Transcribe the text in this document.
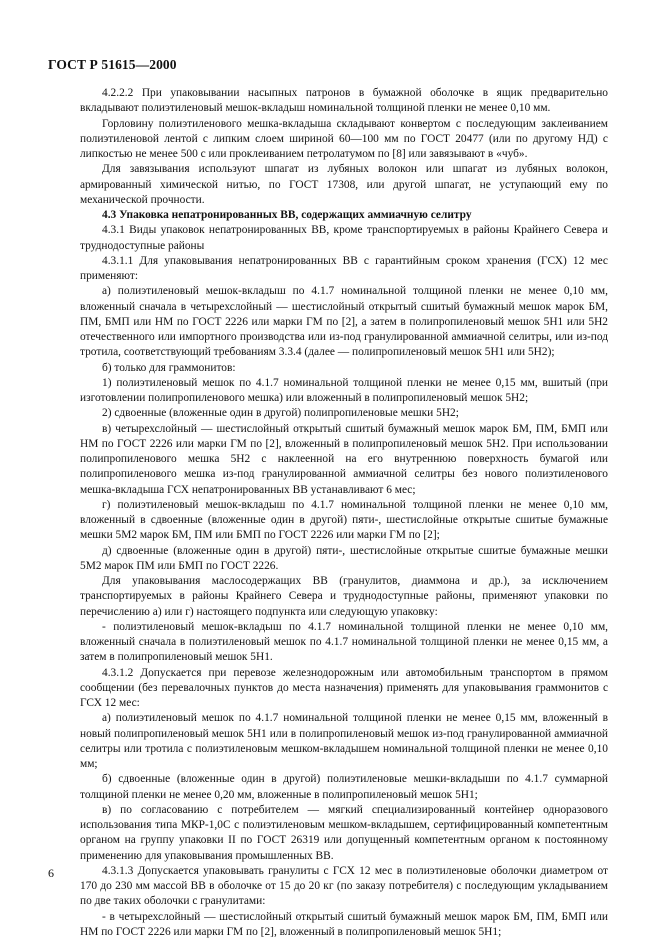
ГОСТ Р 51615—2000

4.2.2.2 При упаковывании насыпных патронов в бумажной оболочке в ящик предварительно вкладывают полиэтиленовый мешок-вкладыш номинальной толщиной пленки не менее 0,10 мм.

Горловину полиэтиленового мешка-вкладыша складывают конвертом с последующим заклеиванием полиэтиленовой лентой с липким слоем шириной 60—100 мм по ГОСТ 20477 (или по другому НД) с липкостью не менее 500 с или проклеиванием петролатумом по [8] или завязывают в «чуб».

Для завязывания используют шпагат из лубяных волокон или шпагат из лубяных волокон, армированный химической нитью, по ГОСТ 17308, или другой шпагат, не уступающий ему по механической прочности.

4.3 Упаковка непатронированных ВВ, содержащих аммиачную селитру

4.3.1 Виды упаковок непатронированных ВВ, кроме транспортируемых в районы Крайнего Севера и труднодоступные районы

4.3.1.1 Для упаковывания непатронированных ВВ с гарантийным сроком хранения (ГСХ) 12 мес применяют:

а) полиэтиленовый мешок-вкладыш по 4.1.7 номинальной толщиной пленки не менее 0,10 мм, вложенный сначала в четырехслойный — шестислойный открытый сшитый бумажный мешок марок БМ, ПМ, БМП или НМ по ГОСТ 2226 или марки ГМ по [2], а затем в полипропиленовый мешок 5Н1 или 5Н2 отечественного или импортного производства или из-под гранулированной аммиачной селитры, или из-под тротила, соответствующий требованиям 3.3.4 (далее — полипропиленовый мешок 5Н1 или 5Н2);

б) только для граммонитов:

1) полиэтиленовый мешок по 4.1.7 номинальной толщиной пленки не менее 0,15 мм, вшитый (при изготовлении полипропиленового мешка) или вложенный в полипропиленовый мешок 5Н2;

2) сдвоенные (вложенные один в другой) полипропиленовые мешки 5Н2;

в) четырехслойный — шестислойный открытый сшитый бумажный мешок марок БМ, ПМ, БМП или НМ по ГОСТ 2226 или марки ГМ по [2], вложенный в полипропиленовый мешок 5Н2. При использовании полипропиленового мешка 5Н2 с наклеенной на его внутреннюю поверхность бумагой или полипропиленового мешка из-под гранулированной аммиачной селитры без нового полиэтиленового мешка-вкладыша ГСХ непатронированных ВВ устанавливают 6 мес;

г) полиэтиленовый мешок-вкладыш по 4.1.7 номинальной толщиной пленки не менее 0,10 мм, вложенный в сдвоенные (вложенные один в другой) пяти-, шестислойные открытые сшитые бумажные мешки 5М2 марок БМ, ПМ или БМП по ГОСТ 2226 или марки ГМ по [2];

д) сдвоенные (вложенные один в другой) пяти-, шестислойные открытые сшитые бумажные мешки 5М2 марок ПМ или БМП по ГОСТ 2226.

Для упаковывания масл​осодержащих ВВ (гранулитов, диаммона и др.), за исключением транспортируемых в районы Крайнего Севера и труднодоступные районы, применяют упаковки по перечислению а) или г) настоящего подпункта или следующую упаковку:

- полиэтиленовый мешок-вкладыш по 4.1.7 номинальной толщиной пленки не менее 0,10 мм, вложенный сначала в полиэтиленовый мешок по 4.1.7 номинальной толщиной пленки не менее 0,15 мм, а затем в полипропиленовый мешок 5Н1.

4.3.1.2 Допускается при перевозе железнодорожным или автомобильным транспортом в прямом сообщении (без перевалочных пунктов до места назначения) применять для упаковывания граммонитов с ГСХ 12 мес:

а) полиэтиленовый мешок по 4.1.7 номинальной толщиной пленки не менее 0,15 мм, вложенный в новый полипропиленовый мешок 5Н1 или в полипропиленовый мешок из-под гранулированной аммиачной селитры или тротила с полиэтиленовым мешком-вкладышем номинальной толщиной пленки не менее 0,10 мм;

б) сдвоенные (вложенные один в другой) полиэтиленовые мешки-вкладыши по 4.1.7 суммарной толщиной пленки не менее 0,20 мм, вложенные в полипропиленовый мешок 5Н1;

в) по согласованию с потребителем — мягкий специализированный контейнер одноразового использования типа МКР-1,0С с полиэтиленовым мешком-вкладышем, сертифицированный компетентным органом на группу упаковки II по ГОСТ 26319 или допущенный компетентным органом к постоянному применению для упаковывания промышленных ВВ.

4.3.1.3 Допускается упаковывать гранулиты с ГСХ 12 мес в полиэтиленовые оболочки диаметром от 170 до 230 мм массой ВВ в оболочке от 15 до 20 кг (по заказу потребителя) с последующим укладыванием по две таких оболочки с гранулитами:

- в четырехслойный — шестислойный открытый сшитый бумажный мешок марок БМ, ПМ, БМП или НМ по ГОСТ 2226 или марки ГМ по [2], вложенный в полипропиленовый мешок 5Н1;

6
